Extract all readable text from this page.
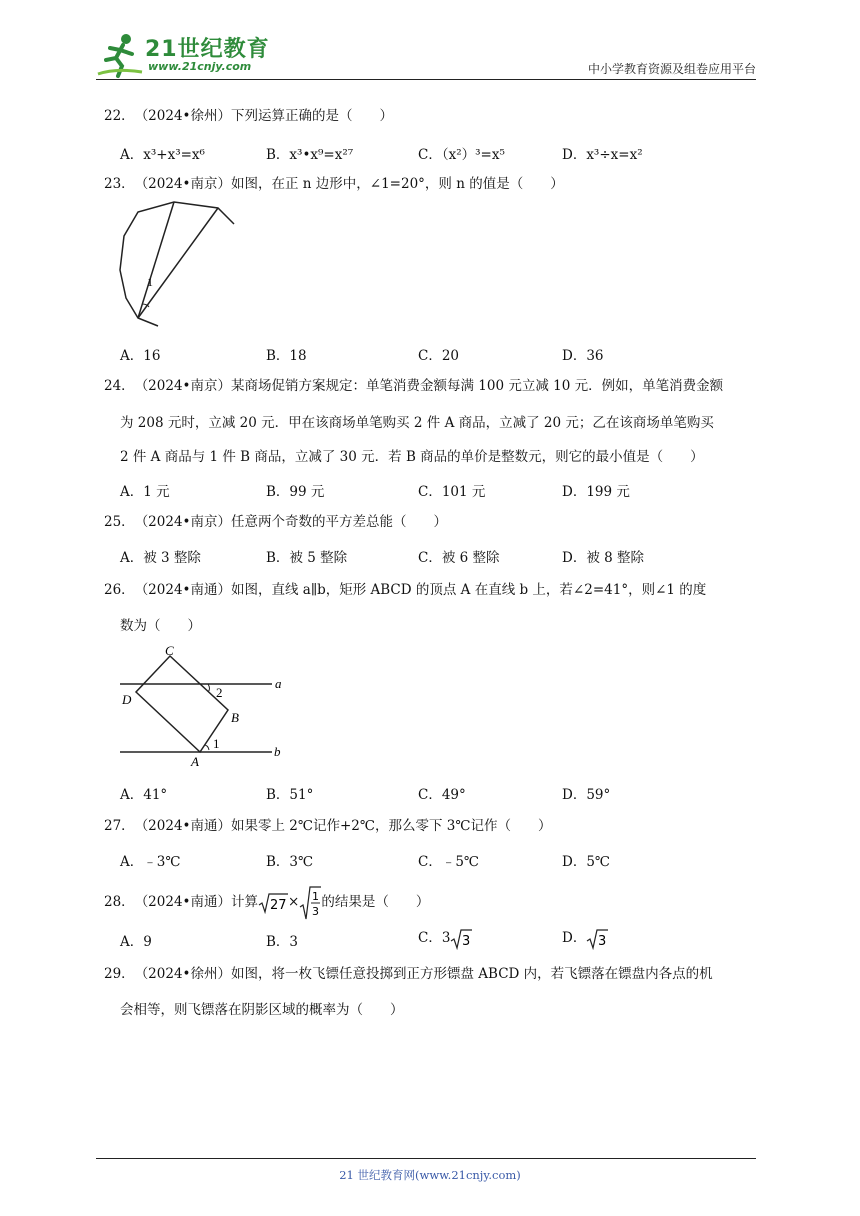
21世纪教育
www.21cnjy.com	中小学教育资源及组卷应用平台
22．（2024•徐州）下列运算正确的是（　　）
A．x³+x³=x⁶	B．x³•x⁹=x²⁷	C．（x²）³=x⁵	D．x³÷x=x²
23．（2024•南京）如图，在正 n 边形中，∠1=20°，则 n 的值是（　　）
1
A．16	B．18	C．20	D．36
24．（2024•南京）某商场促销方案规定：单笔消费金额每满 100 元立减 10 元．例如，单笔消费金额
为 208 元时，立减 20 元．甲在该商场单笔购买 2 件 A 商品，立减了 20 元；乙在该商场单笔购买
2 件 A 商品与 1 件 B 商品，立减了 30 元．若 B 商品的单价是整数元，则它的最小值是（　　）
A．1 元	B．99 元	C．101 元	D．199 元
25．（2024•南京）任意两个奇数的平方差总能（　　）
A．被 3 整除	B．被 5 整除	C．被 6 整除	D．被 8 整除
26．（2024•南通）如图，直线 a∥b，矩形 ABCD 的顶点 A 在直线 b 上，若∠2=41°，则∠1 的度
数为（　　）
C
D	2
a
B
1
A
b
A．41°	B．51°	C．49°	D．59°
27．（2024•南通）如果零上 2℃记作+2℃，那么零下 3℃记作（　　）
A．﹣3℃	B．3℃	C．﹣5℃	D．5℃
28．（2024•南通）计算 27 × 1
3
的结果是（　　）
A．9	B．3	C．3 3	D． 3
29．（2024•徐州）如图，将一枚飞镖任意投掷到正方形镖盘 ABCD 内，若飞镖落在镖盘内各点的机
会相等，则飞镖落在阴影区域的概率为（　　）
21 世纪教育网(www.21cnjy.com)
